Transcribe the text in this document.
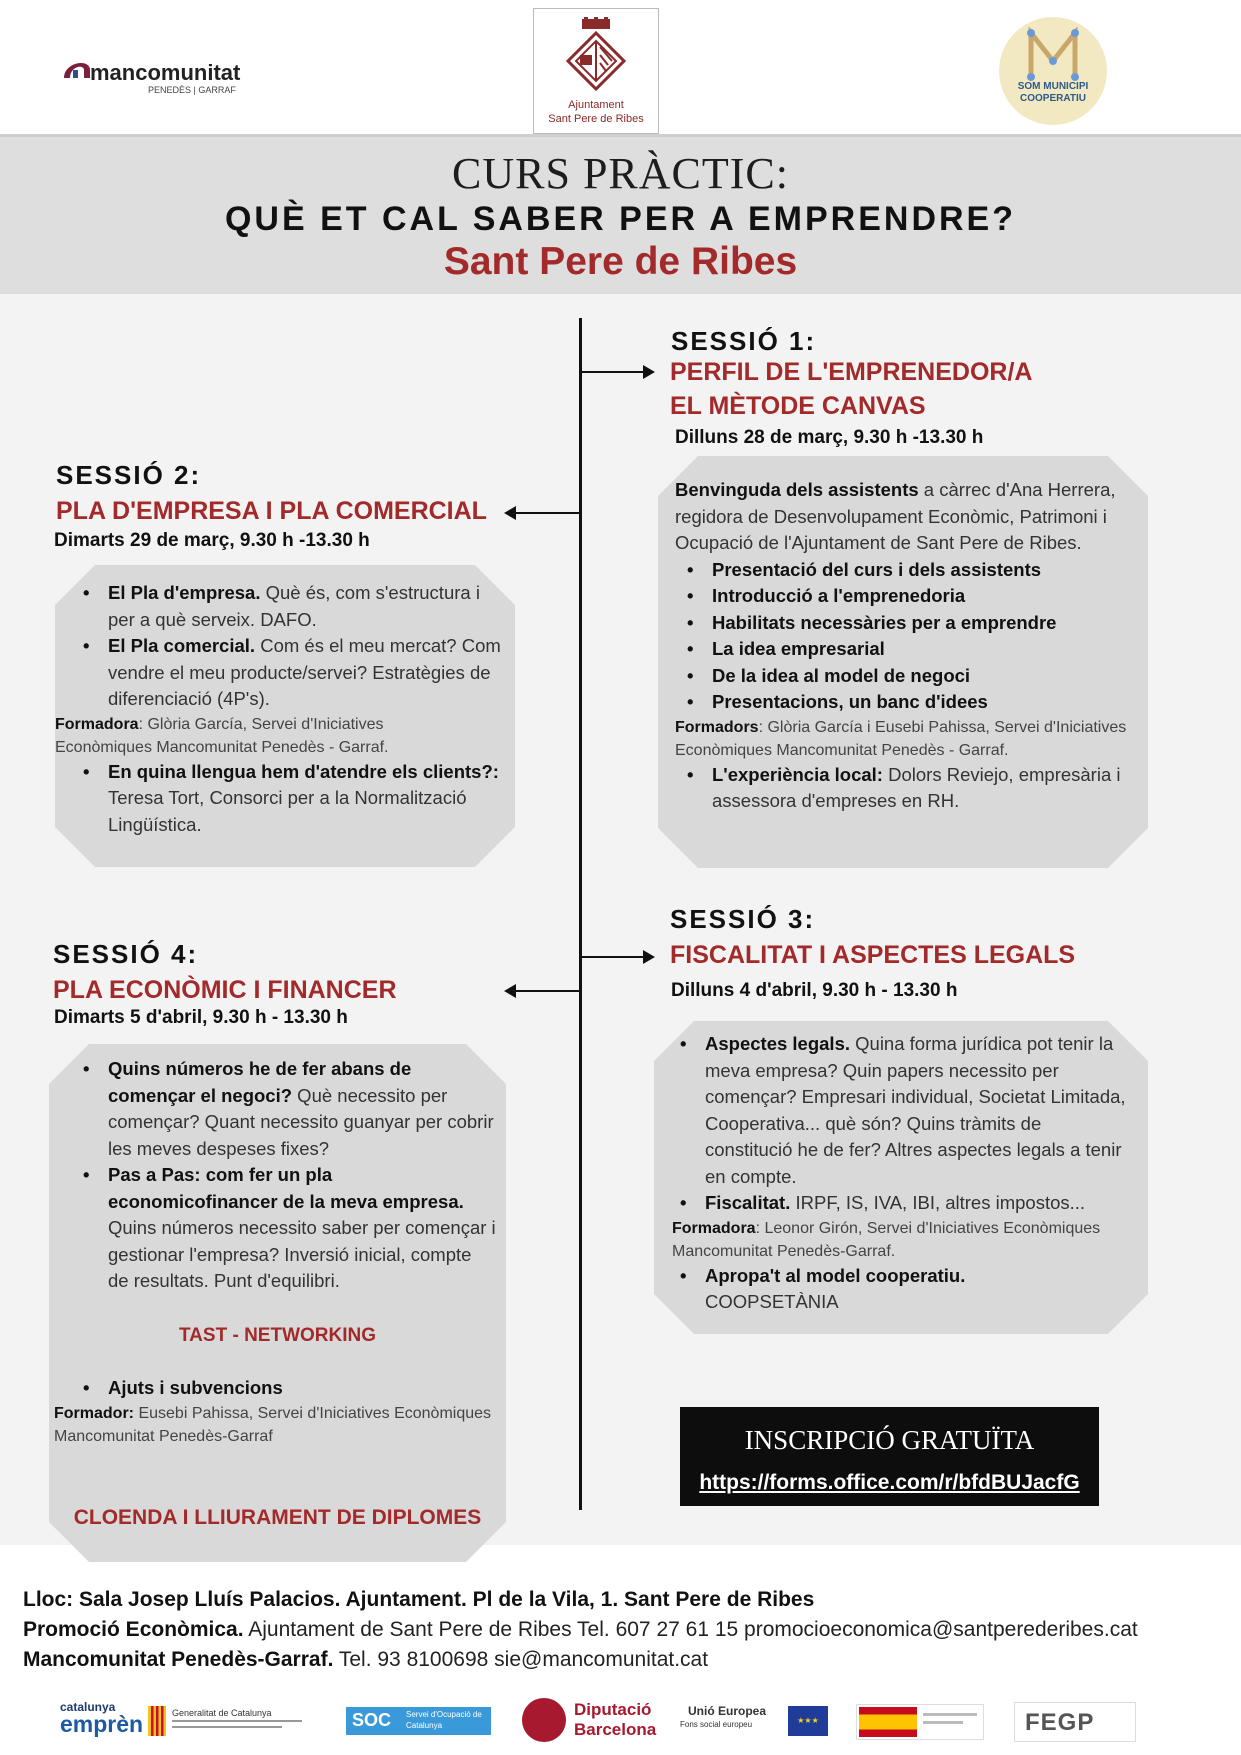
mancomunitat
PENEDÈS | GARRAF
Ajuntament
Sant Pere de Ribes
SOM MUNICIPI
COOPERATIU
CURS PRÀCTIC:
QUÈ ET CAL SABER PER A EMPRENDRE?
Sant Pere de Ribes
SESSIÓ 1:
PERFIL DE L'EMPRENEDOR/A
EL MÈTODE CANVAS
Dilluns 28 de març, 9.30 h -13.30 h
Benvinguda dels assistents a càrrec d'Ana Herrera, regidora de Desenvolupament Econòmic, Patrimoni i Ocupació de l'Ajuntament de Sant Pere de Ribes.
• Presentació del curs i dels assistents
• Introducció a l'emprenedoria
• Habilitats necessàries per a emprendre
• La idea empresarial
• De la idea al model de negoci
• Presentacions, un banc d'idees
Formadors: Glòria García i Eusebi Pahissa, Servei d'Iniciatives Econòmiques Mancomunitat Penedès - Garraf.
• L'experiència local: Dolors Reviejo, empresària i assessora d'empreses en RH.
SESSIÓ 2:
PLA D'EMPRESA I PLA COMERCIAL
Dimarts 29 de març, 9.30 h -13.30 h
• El Pla d'empresa. Què és, com s'estructura i per a què serveix. DAFO.
• El Pla comercial. Com és el meu mercat? Com vendre el meu producte/servei? Estratègies de diferenciació (4P's).
Formadora: Glòria García, Servei d'Iniciatives Econòmiques Mancomunitat Penedès - Garraf.
• En quina llengua hem d'atendre els clients?: Teresa Tort, Consorci per a la Normalització Lingüística.
SESSIÓ 3:
FISCALITAT I ASPECTES LEGALS
Dilluns 4 d'abril, 9.30 h - 13.30 h
• Aspectes legals. Quina forma jurídica pot tenir la meva empresa? Quin papers necessito per començar? Empresari individual, Societat Limitada, Cooperativa... què són? Quins tràmits de constitució he de fer? Altres aspectes legals a tenir en compte.
• Fiscalitat. IRPF, IS, IVA, IBI, altres impostos...
Formadora: Leonor Girón, Servei d'Iniciatives Econòmiques Mancomunitat Penedès-Garraf.
• Apropa't al model cooperatiu.
COOPSETÀNIA
SESSIÓ 4:
PLA ECONÒMIC I FINANCER
Dimarts 5 d'abril, 9.30 h - 13.30 h
• Quins números he de fer abans de començar el negoci? Què necessito per començar? Quant necessito guanyar per cobrir les meves despeses fixes?
• Pas a Pas: com fer un pla economicofinancer de la meva empresa. Quins números necessito saber per començar i gestionar l'empresa? Inversió inicial, compte de resultats. Punt d'equilibri.
TAST - NETWORKING
• Ajuts i subvencions
Formador: Eusebi Pahissa, Servei d'Iniciatives Econòmiques Mancomunitat Penedès-Garraf
CLOENDA I LLIURAMENT DE DIPLOMES
INSCRIPCIÓ GRATUÏTA
https://forms.office.com/r/bfdBUJacfG
Lloc: Sala Josep Lluís Palacios. Ajuntament. Pl de la Vila, 1. Sant Pere de Ribes
Promoció Econòmica. Ajuntament de Sant Pere de Ribes Tel. 607 27 61 15 promocioeconomica@santperederibes.cat
Mancomunitat Penedès-Garraf. Tel. 93 8100698 sie@mancomunitat.cat
catalunya
emprèn	Generalitat de Catalunya	SOC Servei d'Ocupació de Catalunya
Diputació
Barcelona
Unió Europea
Fons social europeu	★★★	FEGP
